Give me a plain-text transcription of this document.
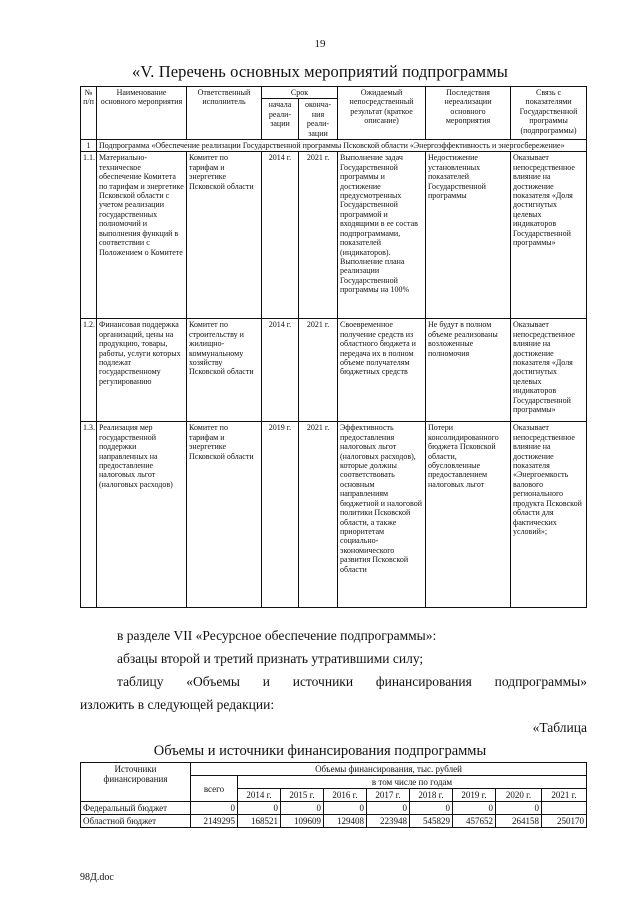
19
«V. Перечень основных мероприятий подпрограммы
№ п/п	Наименование основного мероприятия	Ответственный исполнитель	Срок		Ожидаемый непосредственный результат (краткое описание)	Последствия нереализации основного мероприятия	Связь с показателями Государственной программы (подпрограммы)
			начала реали-зации	оконча-ния реали-зации			
1	Подпрограмма «Обеспечение реализации Государственной программы Псковской области «Энергоэффективность и энергосбережение»						
1.1.	Материально-техническое обеспечение Комитета по тарифам и энергетике Псковской области с учетом реализации государственных полномочий и выполнения функций в соответствии с Положением о Комитете	Комитет по тарифам и энергетике Псковской области	2014 г.	2021 г.	Выполнение задач Государственной программы и достижение предусмотренных Государственной программой и входящими в ее состав подпрограммами, показателей (индикаторов). Выполнение плана реализации Государственной программы на 100%	Недостижение установленных показателей Государственной программы	Оказывает непосредственное влияние на достижение показателя «Доля достигнутых целевых индикаторов Государственной программы»
1.2.	Финансовая поддержка организаций, цены на продукцию, товары, работы, услуги которых подлежат государственному регулированию	Комитет по строительству и жилищно-коммунальному хозяйству Псковской области	2014 г.	2021 г.	Своевременное получение средств из областного бюджета и передача их в полном объеме получателям бюджетных средств	Не будут в полном объеме реализованы возложенные полномочия	Оказывает непосредственное влияние на достижение показателя «Доля достигнутых целевых индикаторов Государственной программы»
1.3.	Реализация мер государственной поддержки направленных на предоставление налоговых льгот (налоговых расходов)	Комитет по тарифам и энергетике Псковской области	2019 г.	2021 г.	Эффективность предоставления налоговых льгот (налоговых расходов), которые должны соответствовать основным направлениям бюджетной и налоговой политики Псковской области, а также приоритетам социально-экономического развития Псковской области	Потери консолидированного бюджета Псковской области, обусловленные предоставлением налоговых льгот	Оказывает непосредственное влияние на достижение показателя «Энергоемкость валового регионального продукта Псковской области для фактических условий»;
в разделе VII «Ресурсное обеспечение подпрограммы»:
абзацы второй и третий признать утратившими силу;
таблицу «Объемы и источники финансирования подпрограммы»
изложить в следующей редакции:
«Таблица
Объемы и источники финансирования подпрограммы
Источники финансирования	Объемы финансирования, тыс. рублей								
	всего	в том числе по годам							
		2014 г.	2015 г.	2016 г.	2017 г.	2018 г.	2019 г.	2020 г.	2021 г.
Федеральный бюджет	0	0	0	0	0	0	0	0	
Областной бюджет	2149295	168521	109609	129408	223948	545829	457652	264158	250170
98Д.doc
